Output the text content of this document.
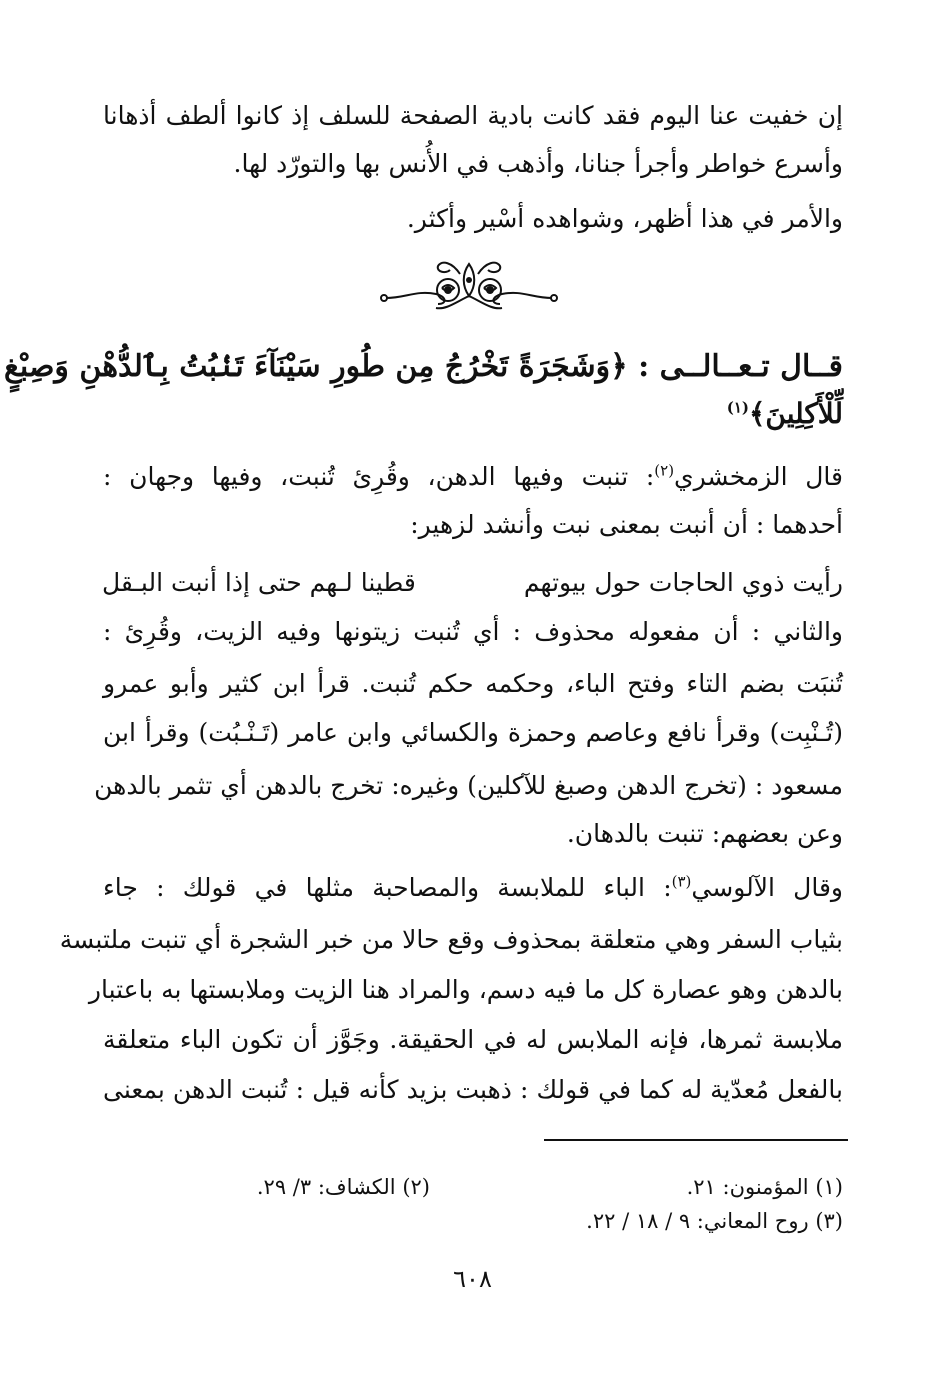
إن خفيت عنا اليوم فقد كانت بادية الصفحة للسلف إذ كانوا ألطف أذهانا
وأسرع خواطر وأجرأ جنانا، وأذهب في الأُنس بها والتورّد لها.
والأمر في هذا أظهر، وشواهده أسْير وأكثر.
قــال تـعــالــى : ﴿وَشَجَرَةً تَخْرُجُ مِن طُورِ سَيْنَآءَ تَنۢبُتُ بِٱلدُّهْنِ وَصِبْغٍ
لِّلْأَكِلِينَ﴾$^{(١)}$
قال الزمخشري$^{(٢)}$: تنبت وفيها الدهن، وقُرِئ تُنبت، وفيها وجهان :
أحدهما : أن أنبت بمعنى نبت وأنشد لزهير:
رأيت ذوي الحاجات حول بيوتهم
قطينا لـهم حتى إذا أنبت البـقل
والثاني : أن مفعوله محذوف : أي تُنبت زيتونها وفيه الزيت، وقُرِئ :
تُنبَت بضم التاء وفتح الباء، وحكمه حكم تُنبت. قرأ ابن كثير وأبو عمرو
(تُـنْبِت) وقرأ نافع وعاصم وحمزة والكسائي وابن عامر (تَـنْـبُت) وقرأ ابن
مسعود : (تخرج الدهن وصبغ للآكلين) وغيره: تخرج بالدهن أي تثمر بالدهن
وعن بعضهم: تنبت بالدهان.
وقال الآلوسي$^{(٣)}$: الباء للملابسة والمصاحبة مثلها في قولك : جاء
بثياب السفر وهي متعلقة بمحذوف وقع حالا من خبر الشجرة أي تنبت ملتبسة
بالدهن وهو عصارة كل ما فيه دسم، والمراد هنا الزيت وملابستها به باعتبار
ملابسة ثمرها، فإنه الملابس له في الحقيقة. وجَوَّز أن تكون الباء متعلقة
بالفعل مُعدّية له كما في قولك : ذهبت بزيد كأنه قيل : تُنبت الدهن بمعنى
(١) المؤمنون: ٢١.
(٢) الكشاف: ٣/ ٢٩.
(٣) روح المعاني: ٩ / ١٨ / ٢٢.
٦٠٨
